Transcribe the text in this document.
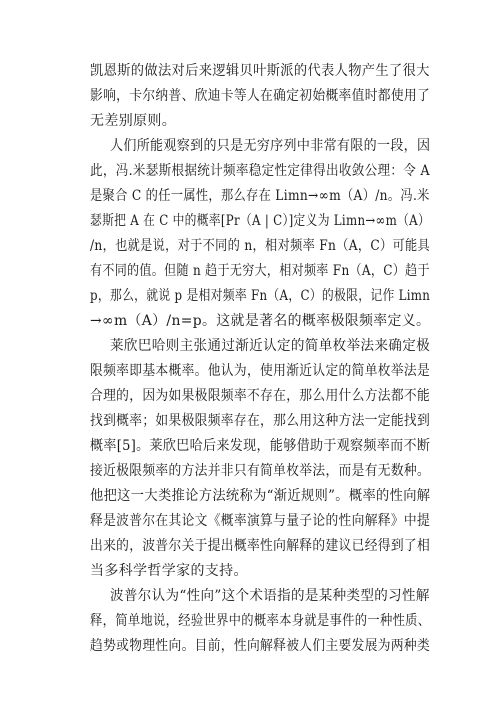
凯恩斯的做法对后来逻辑贝叶斯派的代表人物产生了很大
影响，卡尔纳普、欣迪卡等人在确定初始概率值时都使用了
无差别原则。
人们所能观察到的只是无穷序列中非常有限的一段，因
此，冯.米瑟斯根据统计频率稳定性定律得出收敛公理：令 A
是聚合 C 的任一属性，那么存在 Limn→∞m（A）/n。冯.米
瑟斯把 A 在 C 中的概率[Pr（A | C）]定义为 Limn→∞m（A）
/n，也就是说，对于不同的 n，相对频率 Fn（A，C）可能具
有不同的值。但随 n 趋于无穷大，相对频率 Fn（A，C）趋于
p，那么，就说 p 是相对频率 Fn（A，C）的极限，记作 Limn
→∞m（A）/n=p。这就是著名的概率极限频率定义。
莱欣巴哈则主张通过渐近认定的简单枚举法来确定极
限频率即基本概率。他认为，使用渐近认定的简单枚举法是
合理的，因为如果极限频率不存在，那么用什么方法都不能
找到概率；如果极限频率存在，那么用这种方法一定能找到
概率[5]。莱欣巴哈后来发现，能够借助于观察频率而不断
接近极限频率的方法并非只有简单枚举法，而是有无数种。
他把这一大类推论方法统称为“渐近规则”。概率的性向解
释是波普尔在其论文《概率演算与量子论的性向解释》中提
出来的，波普尔关于提出概率性向解释的建议已经得到了相
当多科学哲学家的支持。
波普尔认为“性向”这个术语指的是某种类型的习性解
释，简单地说，经验世界中的概率本身就是事件的一种性质、
趋势或物理性向。目前，性向解释被人们主要发展为两种类
